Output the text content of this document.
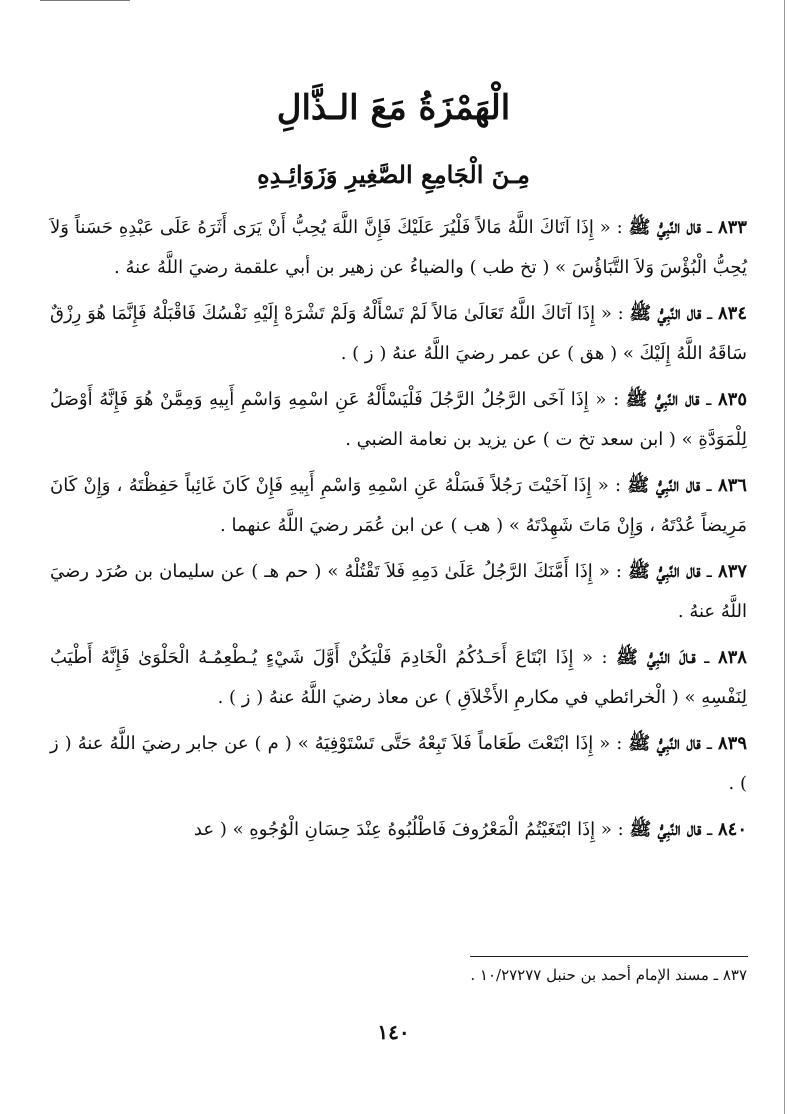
الْهَمْزَةُ مَعَ الـذَّالِ
مِـنَ الْجَامِعِ الصَّغِيرِ وَزَوَائِـدِهِ

٨٣٣ ـ قال النَّبِيُّ ﷺ : « إِذَا آتَاكَ اللَّهُ مَالاً فَلْيُرَ عَلَيْكَ فَإِنَّ اللَّهَ يُحِبُّ أَنْ يَرَى أَثَرَهُ عَلَى عَبْدِهِ حَسَناً وَلاَ يُحِبُّ الْبُؤْسَ وَلاَ التَّبَاؤُسَ » ( تخ طب ) والضياءُ عن زهير بن أبي علقمة رضيَ اللَّهُ عنهُ .

٨٣٤ ـ قال النَّبِيُّ ﷺ : « إِذَا آتَاكَ اللَّهُ تَعَالَىٰ مَالاً لَمْ تَسْأَلْهُ وَلَمْ تَشْرَهْ إِلَيْهِ نَفْسُكَ فَاقْبَلْهُ فَإِنَّمَا هُوَ رِزْقٌ سَاقَهُ اللَّهُ إِلَيْكَ » ( هق ) عن عمر رضيَ اللَّهُ عنهُ ( ز ) .

٨٣٥ ـ قال النَّبِيُّ ﷺ : « إِذَا آخَى الرَّجُلُ الرَّجُلَ فَلْيَسْأَلْهُ عَنِ اسْمِهِ وَاسْمِ أَبِيهِ وَمِمَّنْ هُوَ فَإِنَّهُ أَوْصَلُ لِلْمَوَدَّةِ » ( ابن سعد تخ ت ) عن يزيد بن نعامة الضبي .

٨٣٦ ـ قال النَّبِيُّ ﷺ : « إِذَا آخَيْتَ رَجُلاً فَسَلْهُ عَنِ اسْمِهِ وَاسْمِ أَبِيهِ فَإِنْ كَانَ غَائِباً حَفِظْتَهُ ، وَإِنْ كَانَ مَرِيضاً عُدْتَهُ ، وَإِنْ مَاتَ شَهِدْتَهُ » ( هب ) عن ابن عُمَر رضيَ اللَّهُ عنهما .

٨٣٧ ـ قال النَّبِيُّ ﷺ : « إِذَا أَمَّنَكَ الرَّجُلُ عَلَىٰ دَمِهِ فَلاَ تَقْتُلْهُ » ( حم هـ ) عن سليمان بن صُرَد رضيَ اللَّهُ عنهُ .

٨٣٨ ـ قـالَ النَّبِيُّ ﷺ : « إِذَا ابْتَاعَ أَحَـدُكُمُ الْخَادِمَ فَلْيَكُنْ أَوَّلَ شَيْءٍ يُـطْعِمُـهُ الْحَلْوَىٰ فَإِنَّهُ أَطْيَبُ لِنَفْسِهِ » ( الْخرائطي في مكارمِ الأَخْلاَقِ ) عن معاذ رضيَ اللَّهُ عنهُ ( ز ) .

٨٣٩ ـ قال النَّبِيُّ ﷺ : « إِذَا ابْتَعْتَ طَعَاماً فَلاَ تَبِعْهُ حَتَّى تَسْتَوْفِيَهُ » ( م ) عن جابر رضيَ اللَّهُ عنهُ ( ز ) .

٨٤٠ ـ قال النَّبِيُّ ﷺ : « إِذَا ابْتَغَيْتُمُ الْمَعْرُوفَ فَاطْلُبُوهُ عِنْدَ حِسَانِ الْوُجُوهِ » ( عد

٨٣٧ ـ مسند الإمام أحمد بن حنبل ١٠/٢٧٢٧٧ .
١٤٠
